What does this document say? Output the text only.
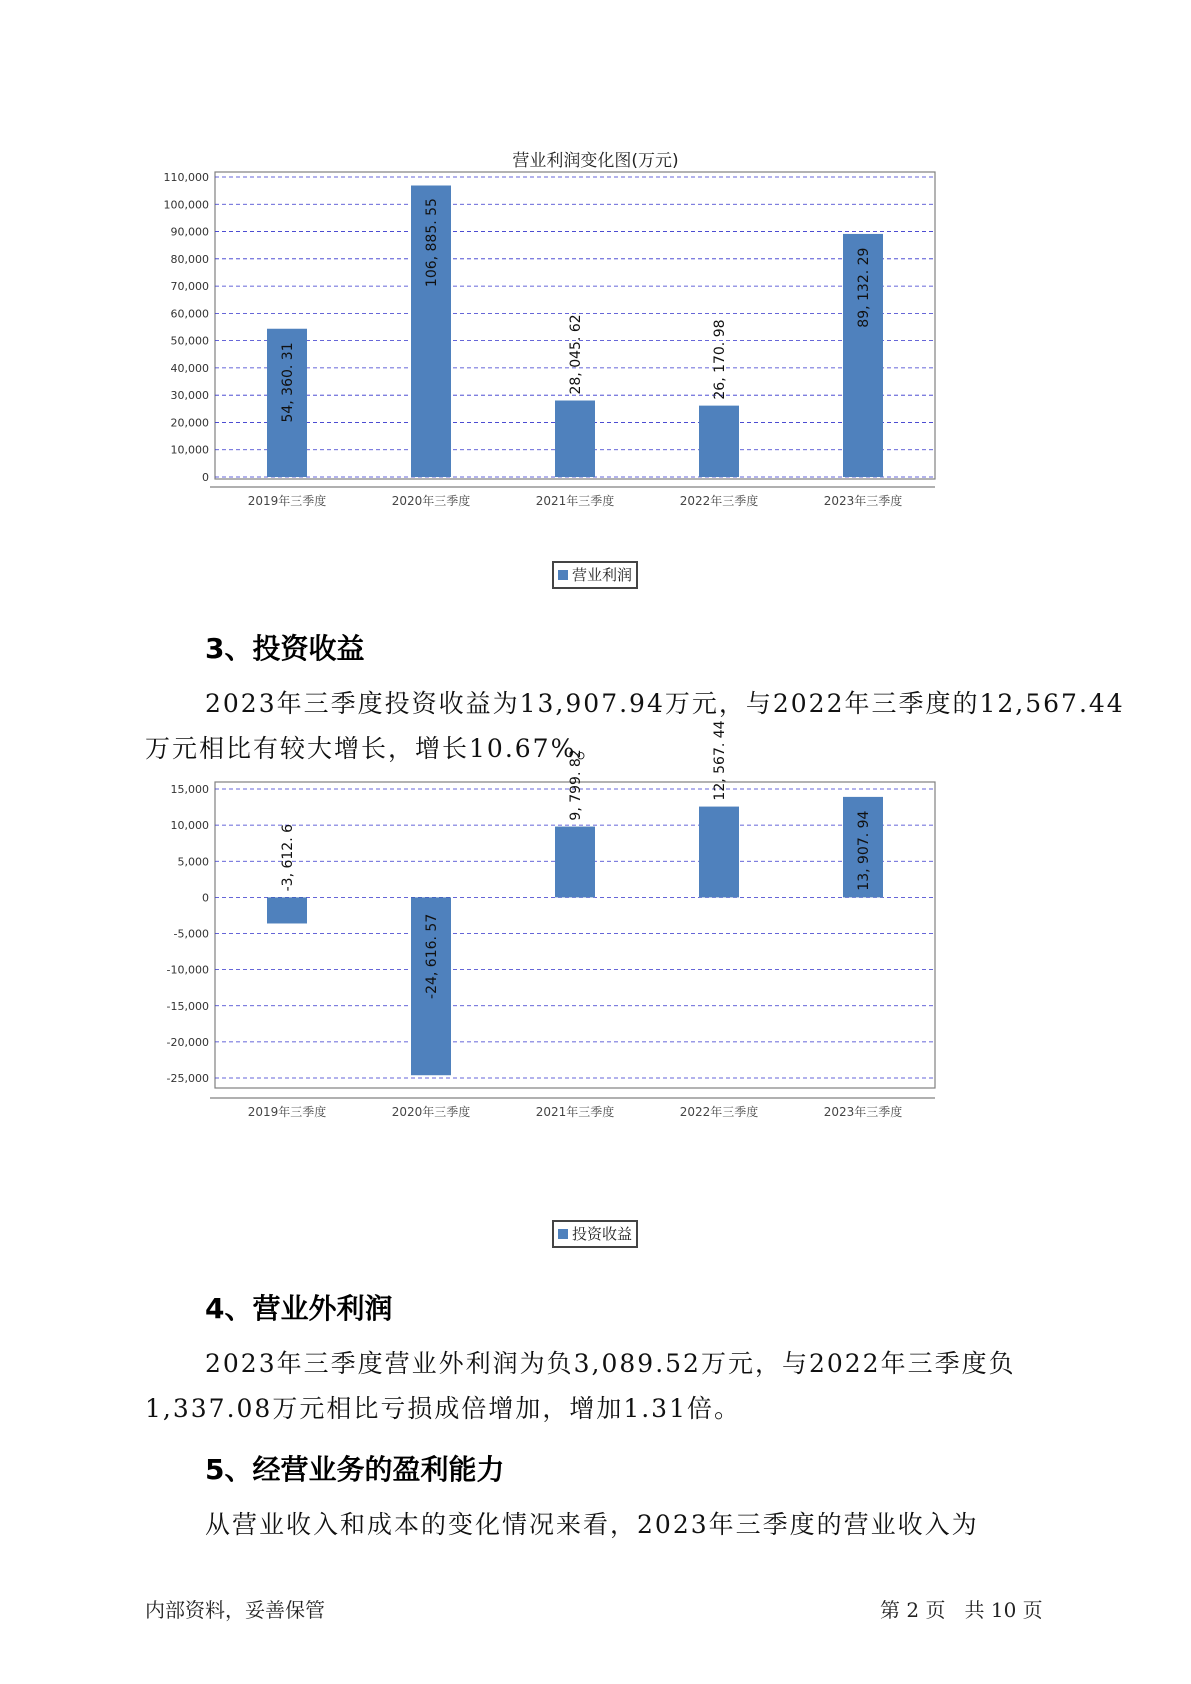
营业利润变化图(万元)
110,000
100,000
90,000
80,000
70,000
60,000
50,000
40,000
30,000
20,000
10,000
0
54, 360. 31
2019年三季度
106, 885. 55
2020年三季度
28, 045. 62
2021年三季度
26, 170. 98
2022年三季度
89, 132. 29
2023年三季度
营业利润
3、投资收益

2023年三季度投资收益为13,907.94万元，与2022年三季度的12,567.44

万元相比有较大增长，增长10.67%。

15,000
10,000
5,000
0
-5,000
-10,000
-15,000
-20,000
-25,000
-3, 612. 6
2019年三季度
-24, 616. 57
2020年三季度
9, 799. 82
2021年三季度
12, 567. 44
2022年三季度
13, 907. 94
2023年三季度
投资收益
4、营业外利润

2023年三季度营业外利润为负3,089.52万元，与2022年三季度负

1,337.08万元相比亏损成倍增加，增加1.31倍。

5、经营业务的盈利能力

从营业收入和成本的变化情况来看，2023年三季度的营业收入为

内部资料，妥善保管	第 2 页   共 10 页
